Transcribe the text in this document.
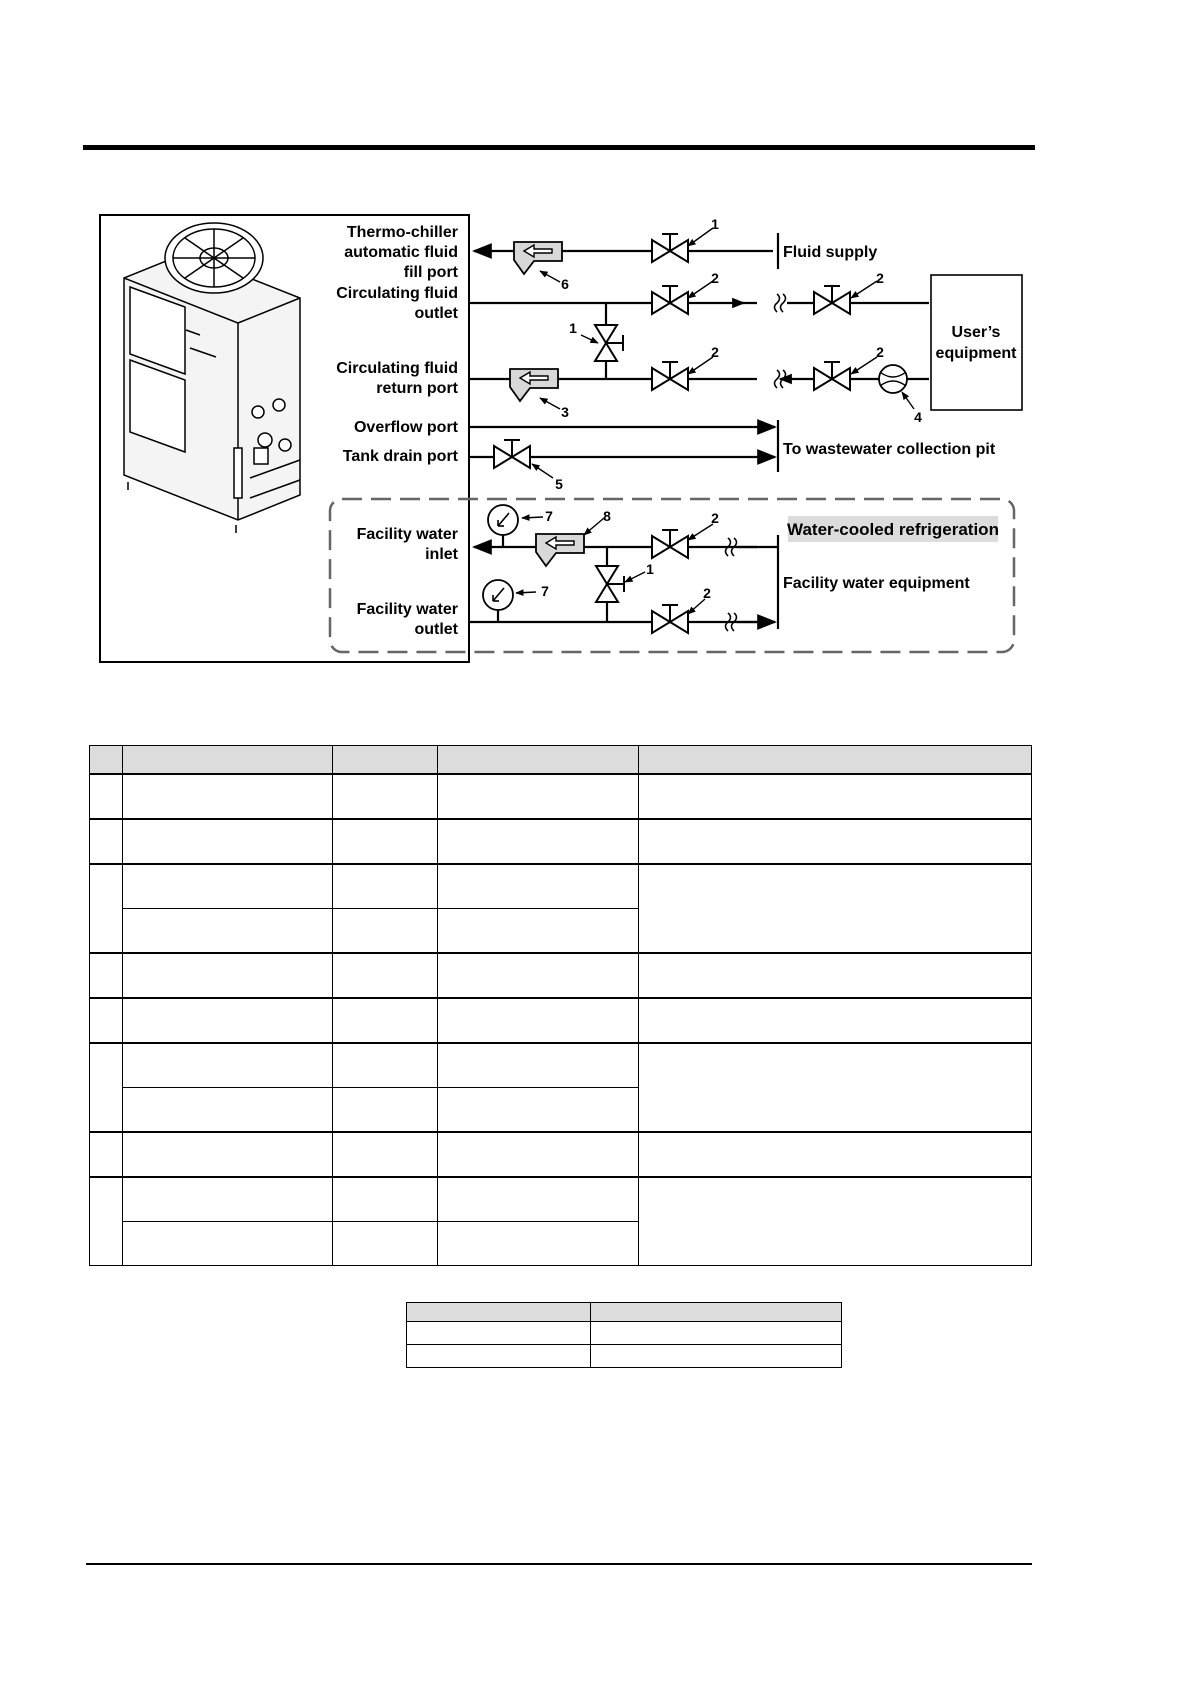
Thermo-chiller
automatic fluid
fill port
Circulating fluid
outlet
Circulating fluid
return port
Overflow port
Tank drain port
Facility water
inlet
Facility water
outlet
1
2	2
1
2	2
6
3	4
5
7	8	2
1
7	2
Fluid supply
User’s
equipment
To wastewater collection pit
Water-cooled refrigeration
Facility water equipment
